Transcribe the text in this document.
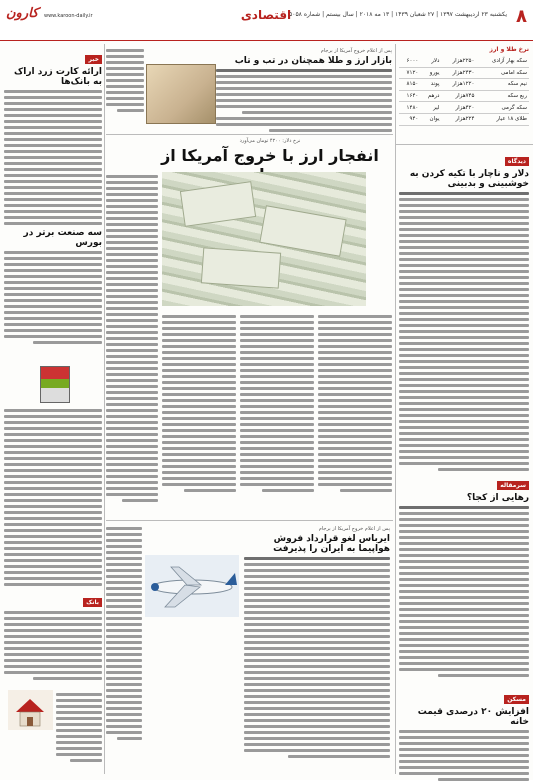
۸
یکشنبه ۲۳ اردیبهشت ۱۳۹۷ | ۲۷ شعبان ۱۴۳۹ | ۱۳ مه ۲۰۱۸ | سال بیستم | شماره ۵۰۵۸
اقتصادی
www.karoon-daily.ir
کارون
نرخ طلا و ارز
سکه بهار آزادی	۲۲۵۰هزار	دلار	۶۰۰۰
سکه امامی	۲۴۳۰هزار	یورو	۷۱۲۰
نیم سکه	۱۲۲۰هزار	پوند	۸۱۵۰
ربع سکه	۷۴۵هزار	درهم	۱۶۴۰
سکه گرمی	۴۲۰هزار	لیر	۱۴۸۰
طلای ۱۸ عیار	۲۲۴هزار	یوان	۹۴۰
پس از اعلام خروج آمریکا از برجام
بازار ارز و طلا همچنان در تب و تاب
نرخ دلار: ۴۲۰۰ تومان می‌آورد
انفجار ارز با خروج آمریکا از	دیدگاه
دلار و ناچار با تکیه کردن به خوشبینی و بدبینی
سرمقاله
رهایی از کجا؟
پس از اعلام خروج آمریکا از برجام
ایرباس لغو قرارداد فروش هواپیما به ایران را پذیرفت
مسکن
افزایش ۲۰ درصدی قیمت خانه
خبر
ارائه کارت زرد اراک به بانک‌ها
سه صنعت برتر در بورس
بانک
